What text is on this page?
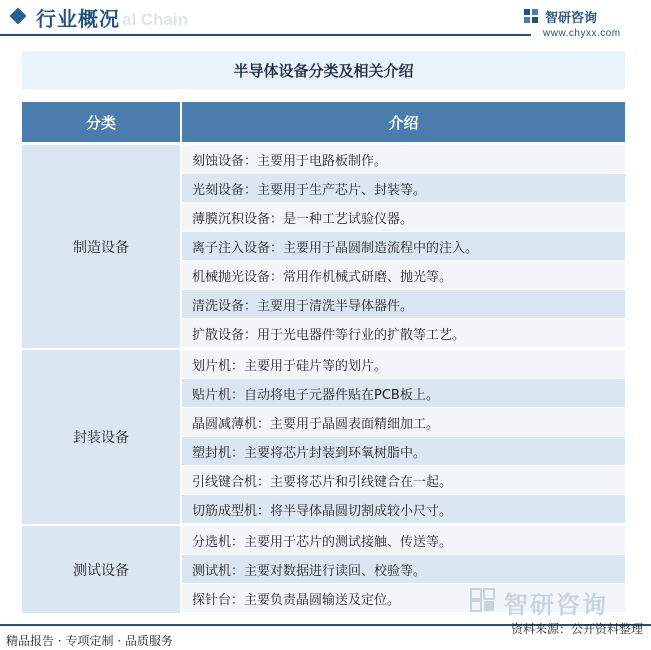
行业概况 al Chain	智研咨询
www.chyxx.com
半导体设备分类及相关介绍
分类	介绍
制造设备
刻蚀设备：主要用于电路板制作。
光刻设备：主要用于生产芯片、封装等。
薄膜沉积设备：是一种工艺试验仪器。
离子注入设备：主要用于晶圆制造流程中的注入。
机械抛光设备：常用作机械式研磨、抛光等。
清洗设备：主要用于清洗半导体器件。
扩散设备：用于光电器件等行业的扩散等工艺。
封装设备
划片机：主要用于硅片等的划片。
贴片机：自动将电子元器件贴在PCB板上。
晶圆减薄机：主要用于晶圆表面精细加工。
塑封机：主要将芯片封装到环氧树脂中。
引线键合机：主要将芯片和引线键合在一起。
切筋成型机：将半导体晶圆切割成较小尺寸。
测试设备
分选机：主要用于芯片的测试接触、传送等。
测试机：主要对数据进行读回、校验等。
探针台：主要负责晶圆输送及定位。	智研咨询
精品报告 · 专项定制 · 品质服务
资料来源：公开资料整理
